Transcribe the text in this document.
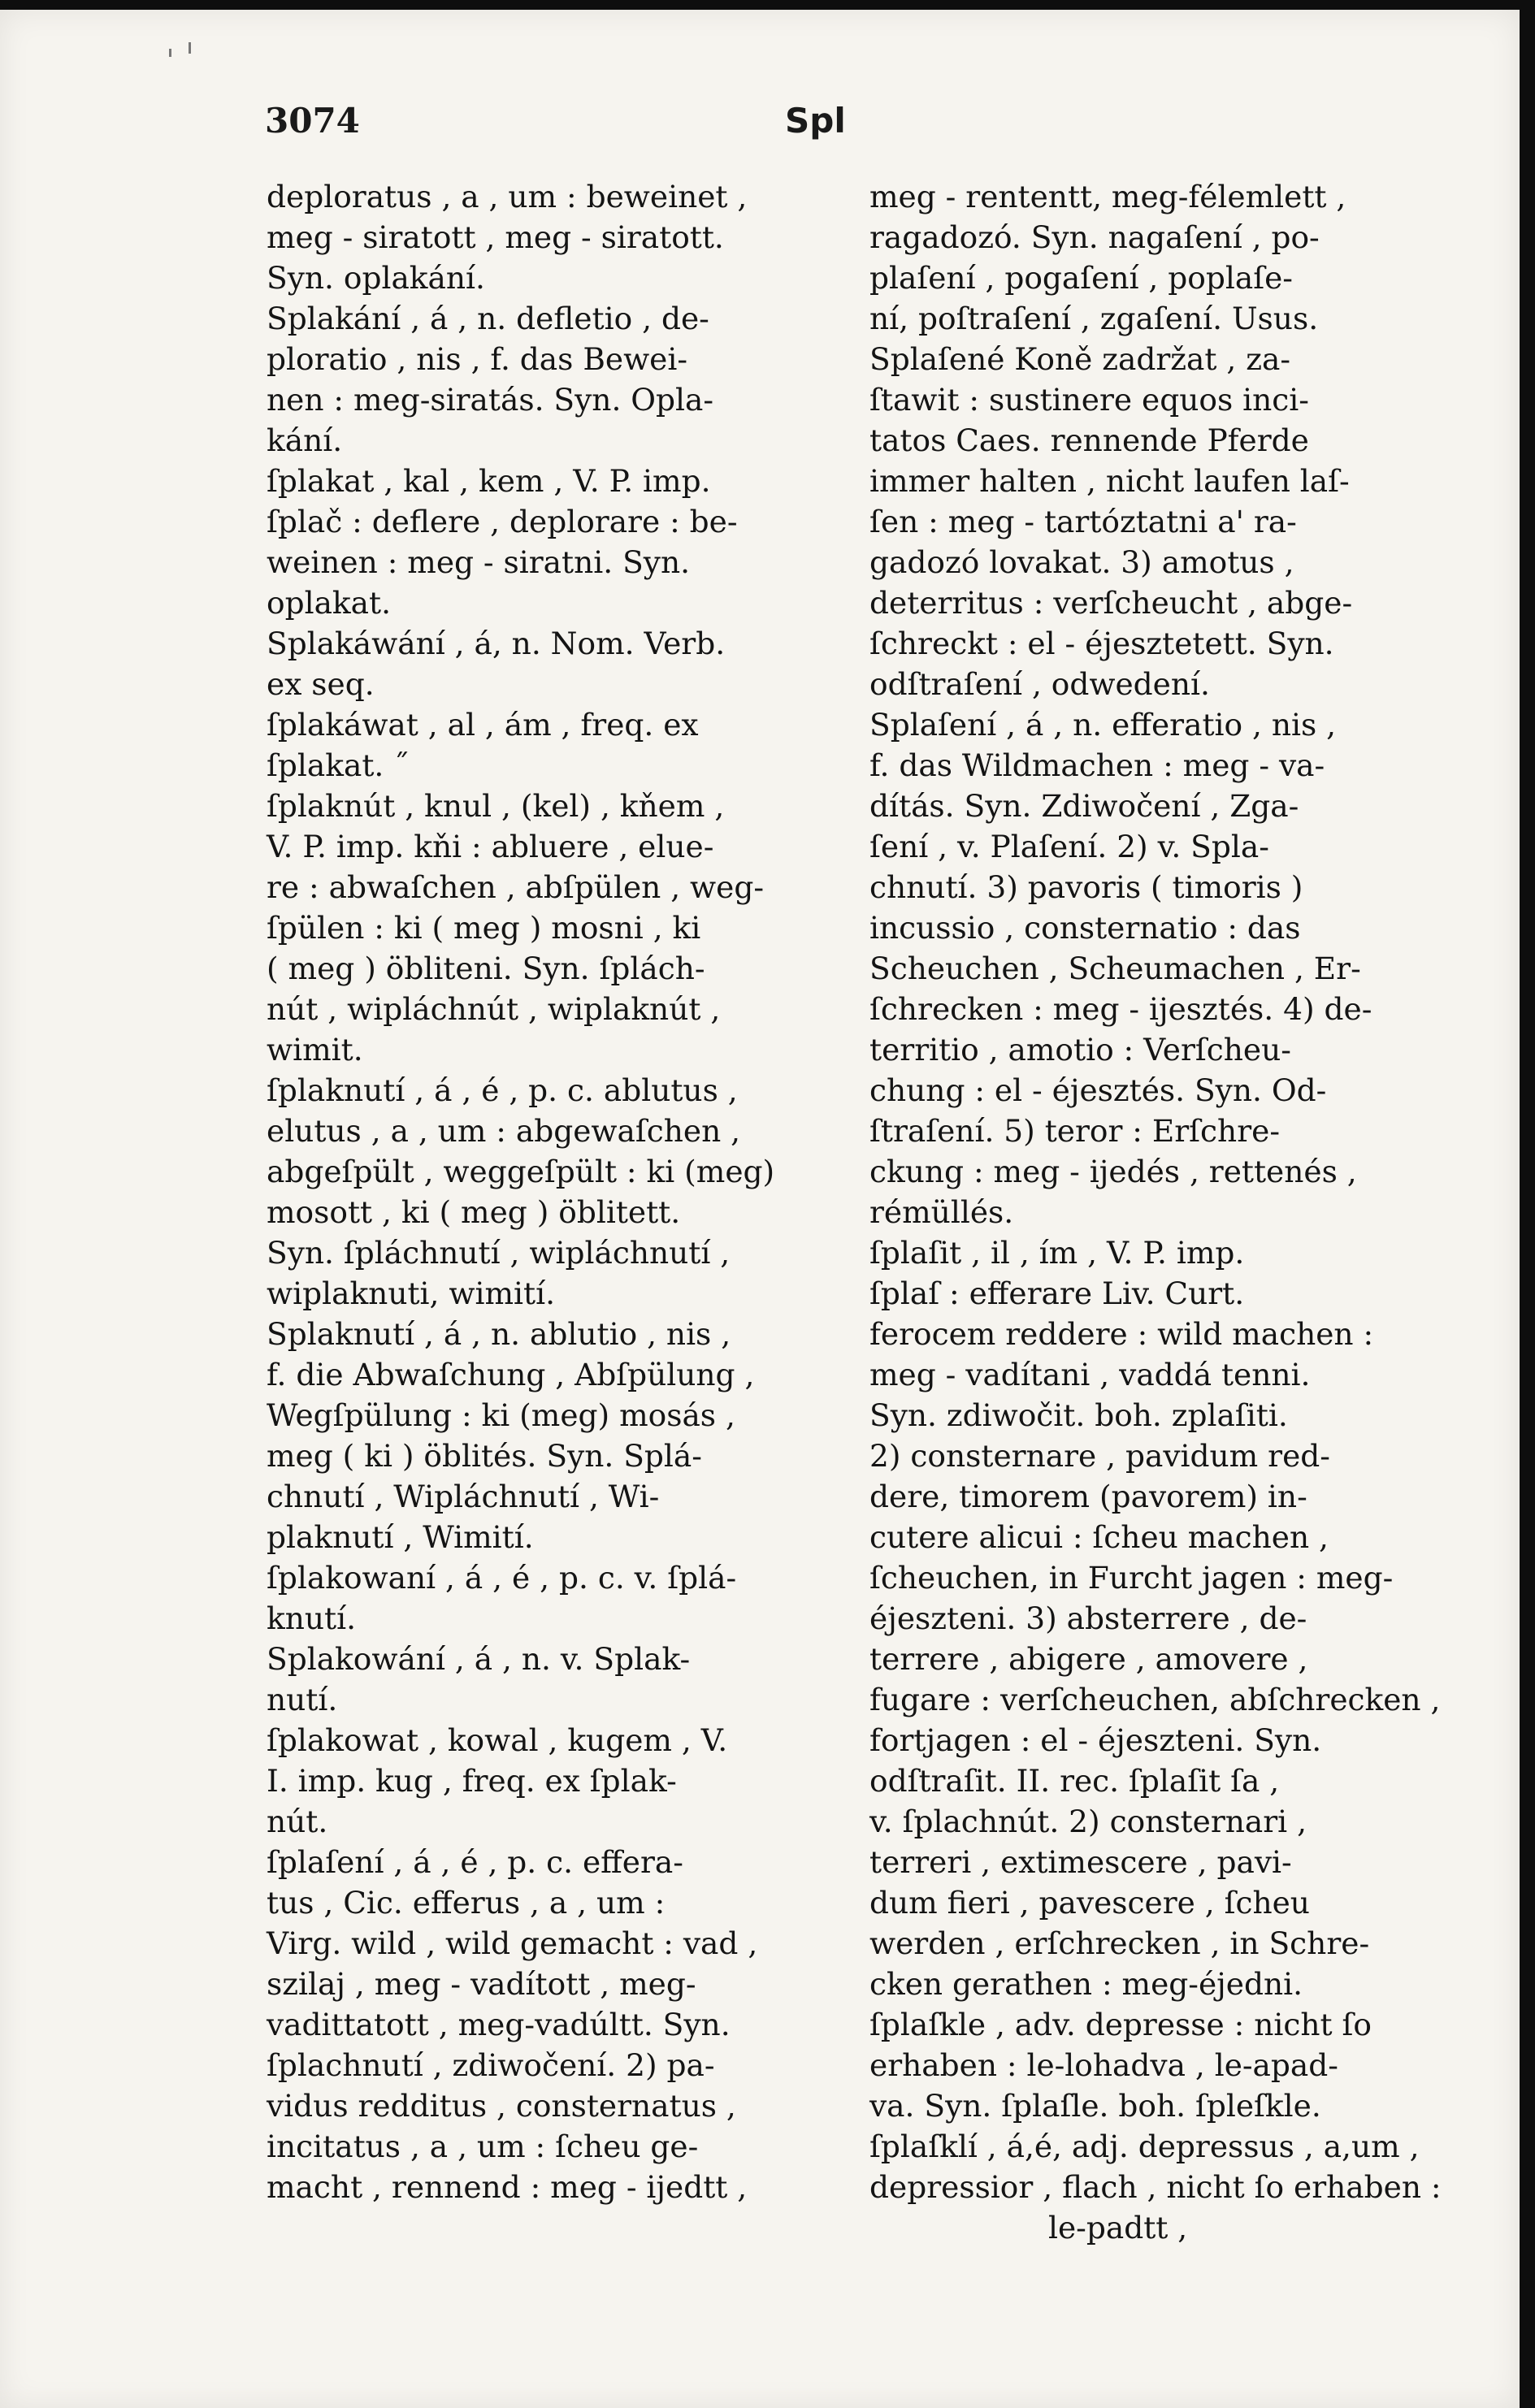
3074	Spl
deploratus , a , um : bewеinet ,
meg - siratott , meg - siratott.
Syn. oplakání.
Splakání , á , n. defletio , de-
ploratio , nis , f. das Bewei-
nen : meg-siratás. Syn. Opla-
kání.
ſplakat , kal , kem , V. P. imp.
ſplač : deflere , deplorare : be-
weinen : meg - siratni. Syn.
oplakat.
Splakáwání , á, n. Nom. Verb.
ex seq.
ſplakáwat , al , ám , freq. ex
ſplakat. ˝
ſplaknút , knul , (kel) , kňem ,
V. P. imp. kňi : abluere , elue-
re : abwaſchen , abſpülen , weg-
ſpülen : ki ( meg ) mosni , ki
( meg ) öbliteni. Syn. ſplách-
nút , wipláchnút , wiplaknút ,
wimit.
ſplaknutí , á , é , p. c. ablutus ,
elutus , a , um : abgewaſchen ,
abgeſpült , weggeſpült : ki (meg)
mosott , ki ( meg ) öblitett.
Syn. ſpláchnutí , wipláchnutí ,
wiplaknuti, wimití.
Splaknutí , á , n. ablutio , nis ,
f. die Abwaſchung , Abſpülung ,
Wegſpülung : ki (meg) mosás ,
meg ( ki ) öblités. Syn. Splá-
chnutí , Wipláchnutí , Wi-
plaknutí , Wimití.
ſplakowaní , á , é , p. c. v. ſplá-
knutí.
Splakowání , á , n. v. Splak-
nutí.
ſplakowat , kowal , kugem , V.
I. imp. kug , freq. ex ſplak-
nút.
ſplaſení , á , é , p. c. effera-
tus , Cic. efferus , a , um :
Virg. wild , wild gemacht : vad ,
szilaj , meg - vadított , meg-
vadittatott , meg-vadúltt. Syn.
ſplachnutí , zdiwočení. 2) pa-
vidus redditus , consternatus ,
incitatus , a , um : ſcheu ge-
macht , rennend : meg - ijedtt ,
meg - rententt, meg-félemlett ,
ragadozó. Syn. nagaſení , po-
plaſení , pogaſení , poplaſe-
ní, poſtraſení , zgaſení. Usus.
Splaſené Koně zadržat , za-
ſtawit : sustinere equos inci-
tatos Caes. rennende Pferde
immer halten , nicht laufen laſ-
ſen : meg - tartóztatni a' ra-
gadozó lovakat. 3) amotus ,
deterritus : verſcheucht , abge-
ſchreckt : el - éjesztetett. Syn.
odſtraſení , odwedení.
Splaſení , á , n. efferatio , nis ,
f. das Wildmachen : meg - va-
dítás. Syn. Zdiwočení , Zga-
ſení , v. Plaſení. 2) v. Spla-
chnutí. 3) pavoris ( timoris )
incussio , consternatio : das
Scheuchen , Scheumachen , Er-
ſchrecken : meg - ijesztés. 4) de-
territio , amotio : Verſcheu-
chung : el - éjesztés. Syn. Od-
ſtraſení. 5) teror : Erſchre-
ckung : meg - ijedés , rettenés ,
rémüllés.
ſplaſit , il , ím , V. P. imp.
ſplaſ : efferare Liv. Curt.
ferocem reddere : wild machen :
meg - vadítani , vaddá tenni.
Syn. zdiwočit. boh. zplaſiti.
2) consternare , pavidum red-
dere, timorem (pavorem) in-
cutere alicui : ſcheu machen ,
ſcheuchen, in Furcht jagen : meg-
éjeszteni. 3) absterrere , de-
terrere , abigere , amovere ,
fugare : verſcheuchen, abſchrecken ,
fortjagen : el - éjeszteni. Syn.
odſtraſit. II. rec. ſplaſit ſa ,
v. ſplachnút. 2) consternari ,
terreri , extimescere , pavi-
dum fieri , pavescere , ſcheu
werden , erſchrecken , in Schre-
cken gerathen : meg-éjedni.
ſplaſkle , adv. depresse : nicht ſo
erhaben : le-lohadva , le-apad-
va. Syn. ſplaſle. boh. ſpleſkle.
ſplaſklí , á,é, adj. depressus , a,um ,
depressior , flach , nicht ſo erhaben :
le-padtt ,
